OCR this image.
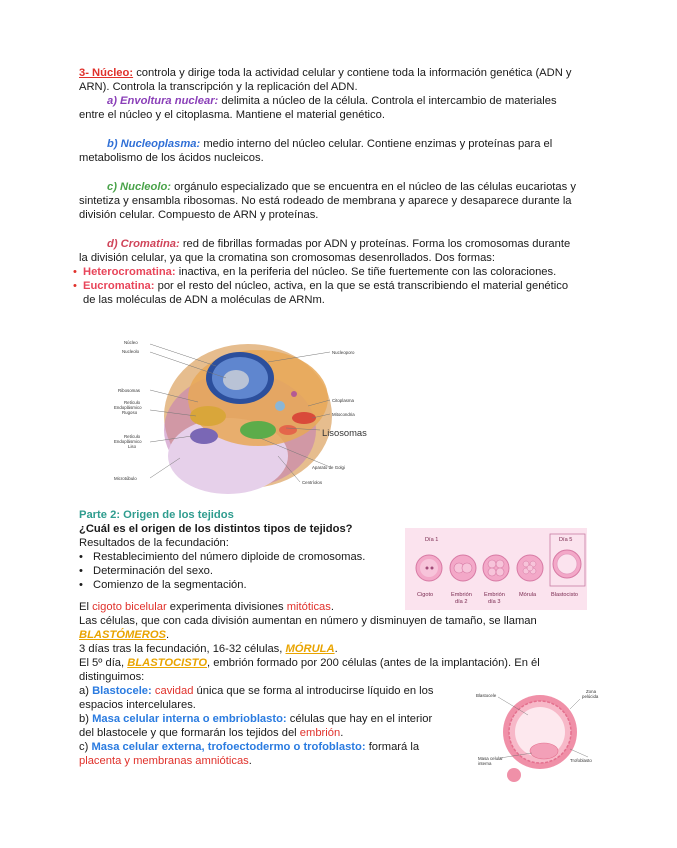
3- Núcleo: controla y dirige toda la actividad celular y contiene toda la información genética (ADN y

ARN). Controla la transcripción y la replicación del ADN.

a) Envoltura nuclear: delimita a núcleo de la célula. Controla el intercambio de materiales

entre el núcleo y el citoplasma. Mantiene el material genético.

b) Nucleoplasma: medio interno del núcleo celular. Contiene enzimas y proteínas para el

metabolismo de los ácidos nucleicos.

c) Nucleolo: orgánulo especializado que se encuentra en el núcleo de las células eucariotas y

sintetiza y ensambla ribosomas. No está rodeado de membrana y aparece y desaparece durante la

división celular. Compuesto de ARN y proteínas.

d) Cromatina: red de fibrillas formadas por ADN y proteínas. Forma los cromosomas durante

la división celular, ya que la cromatina son cromosomas desenrollados. Dos formas:

• Heterocromatina: inactiva, en la periferia del núcleo. Se tiñe fuertemente con las coloraciones.

• Eucromatina: por el resto del núcleo, activa, en la que se está transcribiendo el material genético

de las moléculas de ADN a moléculas de ARNm.

Núcleo
Nucleolo
Ribosomas
Retículo
Endoplásmico
Rugoso
Retículo
Endoplásmico
Liso
Microtúbulo
Nucleoporo
Citoplasma
Mitocondria
Lisosomas
Aparato de Golgi
Centríolos

Parte 2: Origen de los tejidos

¿Cuál es el origen de los distintos tipos de tejidos?

Resultados de la fecundación:

• Restablecimiento del número diploide de cromosomas.

• Determinación del sexo.

• Comienzo de la segmentación.

El cigoto bicelular experimenta divisiones mitóticas.

Las células, que con cada división aumentan en número y disminuyen de tamaño, se llaman

BLASTÓMEROS.

3 días tras la fecundación, 16-32 células, MÓRULA.

El 5º día, BLASTOCISTO, embrión formado por 200 células (antes de la implantación). En él

distinguimos:

a) Blastocele: cavidad única que se forma al introducirse líquido en los

espacios intercelulares.

b) Masa celular interna o embrioblasto: células que hay en el interior

del blastocele y que formarán los tejidos del embrión.

c) Masa celular externa, trofoectodermo o trofoblasto: formará la

placenta y membranas amnióticas.

Día 1	Día 5
Cigoto	Embrión
día 2
Embrión
día 3
Mórula	Blastocisto
Blastocele
Zona
pelúcida
Masa celular
interna
Trofoblasto
